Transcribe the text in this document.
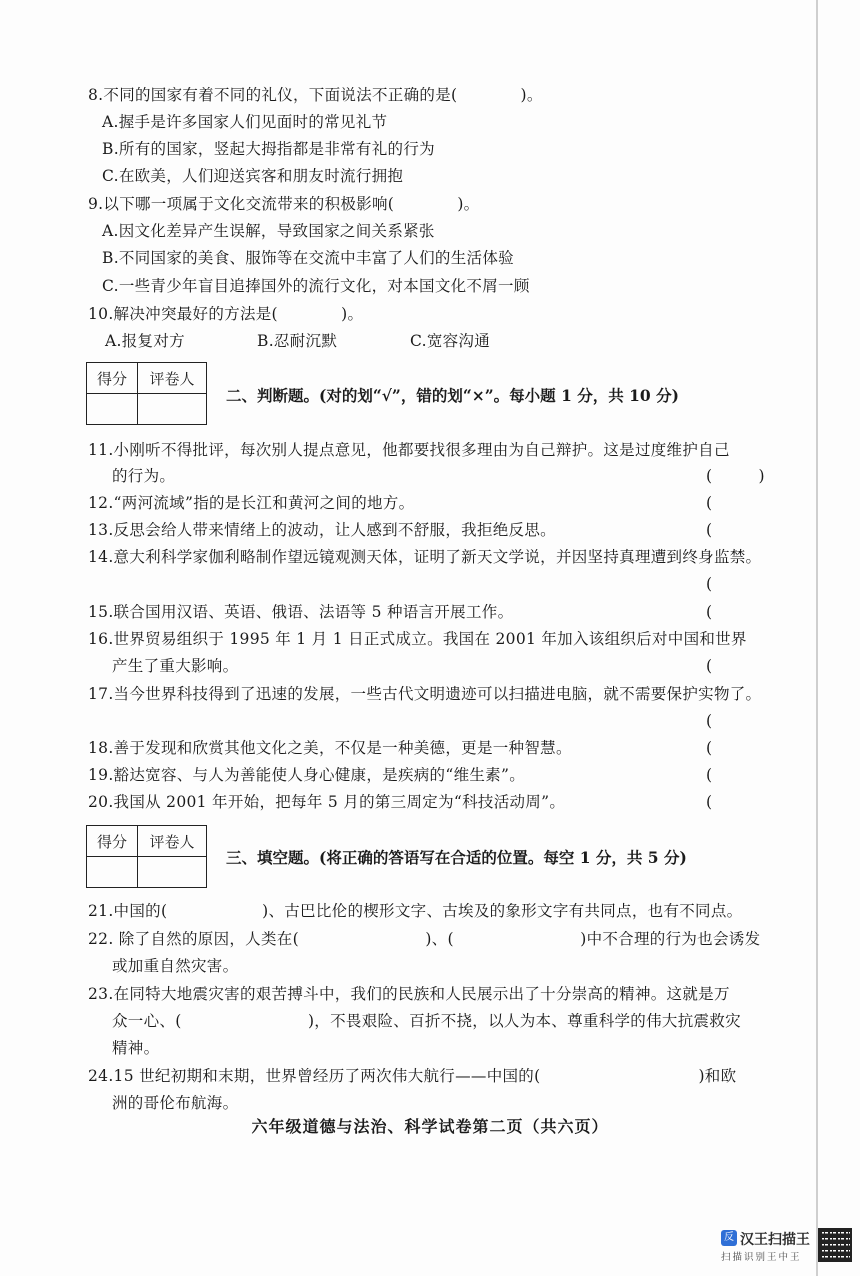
8.不同的国家有着不同的礼仪，下面说法不正确的是(　　　　)。
A.握手是许多国家人们见面时的常见礼节
B.所有的国家，竖起大拇指都是非常有礼的行为
C.在欧美，人们迎送宾客和朋友时流行拥抱
9.以下哪一项属于文化交流带来的积极影响(　　　　)。
A.因文化差异产生误解，导致国家之间关系紧张
B.不同国家的美食、服饰等在交流中丰富了人们的生活体验
C.一些青少年盲目追捧国外的流行文化，对本国文化不屑一顾
10.解决冲突最好的方法是(　　　　)。
A.报复对方	B.忍耐沉默	C.宽容沟通
得分	评卷人

二、判断题。(对的划“√”，错的划“×”。每小题 1 分，共 10 分)
11.小刚听不得批评，每次别人提点意见，他都要找很多理由为自己辩护。这是过度维护自己
的行为。	(　　　)
12.“两河流域”指的是长江和黄河之间的地方。	(　　
13.反思会给人带来情绪上的波动，让人感到不舒服，我拒绝反思。	(
14.意大利科学家伽利略制作望远镜观测天体，证明了新天文学说，并因坚持真理遭到终身监禁。
(
15.联合国用汉语、英语、俄语、法语等 5 种语言开展工作。	(
16.世界贸易组织于 1995 年 1 月 1 日正式成立。我国在 2001 年加入该组织后对中国和世界
产生了重大影响。	(
17.当今世界科技得到了迅速的发展，一些古代文明遗迹可以扫描进电脑，就不需要保护实物了。
(
18.善于发现和欣赏其他文化之美，不仅是一种美德，更是一种智慧。	(
19.豁达宽容、与人为善能使人身心健康，是疾病的“维生素”。	(
20.我国从 2001 年开始，把每年 5 月的第三周定为“科技活动周”。	(
得分	评卷人

三、填空题。(将正确的答语写在合适的位置。每空 1 分，共 5 分)
21.中国的(　　　　　　)、古巴比伦的楔形文字、古埃及的象形文字有共同点，也有不同点。
22. 除了自然的原因，人类在(　　　　　　　　)、(　　　　　　　　)中不合理的行为也会诱发
或加重自然灾害。
23.在同特大地震灾害的艰苦搏斗中，我们的民族和人民展示出了十分崇高的精神。这就是万
众一心、(　　　　　　　　)，不畏艰险、百折不挠，以人为本、尊重科学的伟大抗震救灾
精神。
24.15 世纪初期和末期，世界曾经历了两次伟大航行——中国的(　　　　　　　　　　)和欧
洲的哥伦布航海。
六年级道德与法治、科学试卷第二页（共六页）
反 汉王扫描王
扫描识别王中王
